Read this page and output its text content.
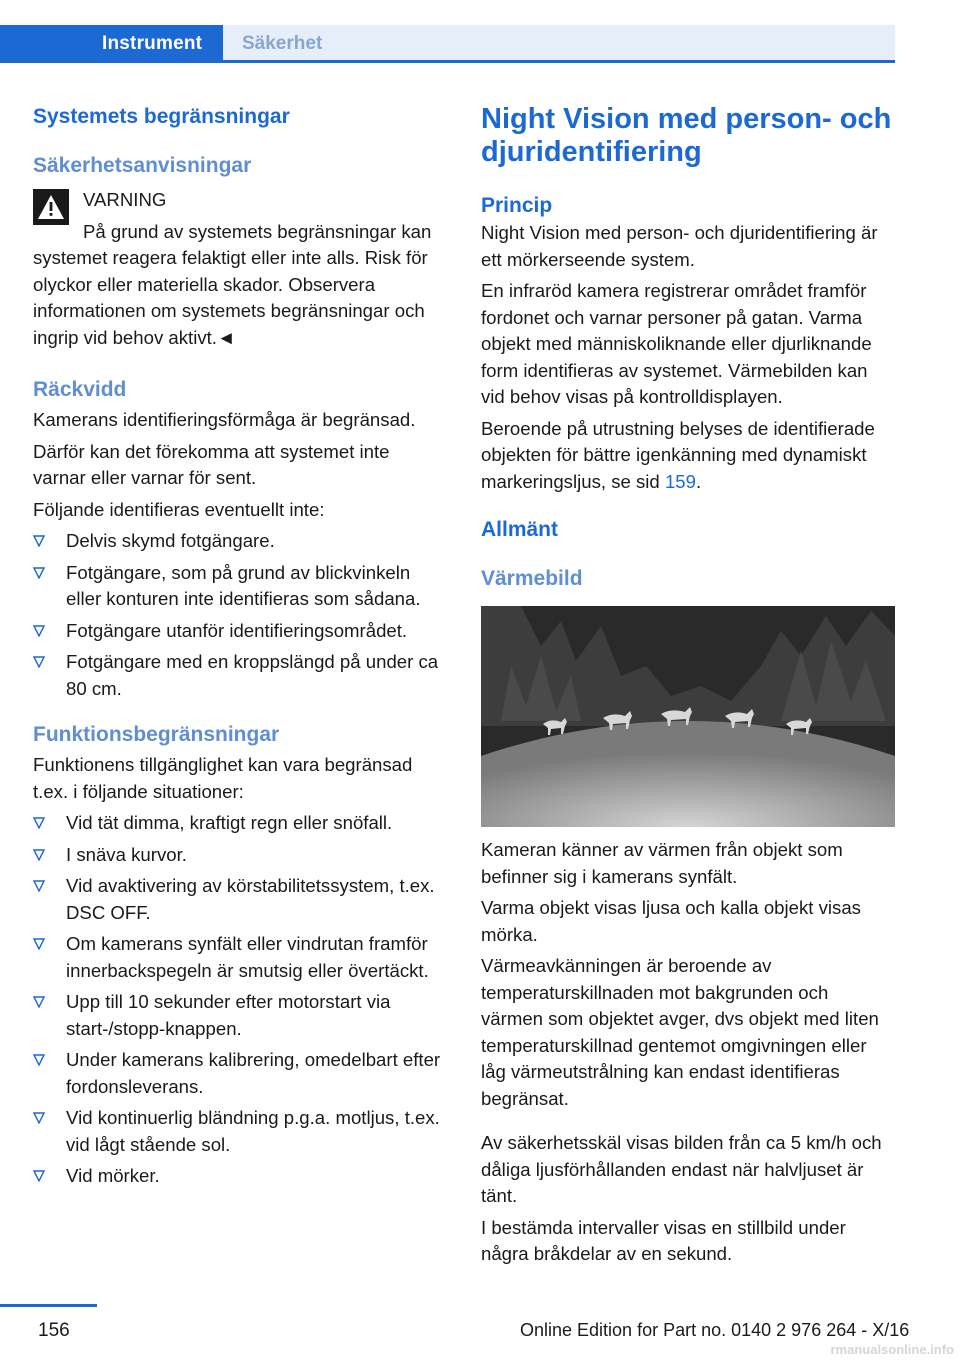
Instrument	Säkerhet
Systemets begränsningar
Säkerhetsanvisningar
VARNING

På grund av systemets begränsningar kan systemet reagera felaktigt eller inte alls. Risk för olyckor eller materiella skador. Observera informationen om systemets begränsningar och ingrip vid behov aktivt.◄

Räckvidd

Kamerans identifieringsförmåga är begränsad.

Därför kan det förekomma att systemet inte varnar eller varnar för sent.

Följande identifieras eventuellt inte:

Delvis skymd fotgängare.
Fotgängare, som på grund av blickvinkeln eller konturen inte identifieras som sådana.
Fotgängare utanför identifieringsområdet.
Fotgängare med en kroppslängd på under ca 80 cm.
Funktionsbegränsningar

Funktionens tillgänglighet kan vara begränsad t.ex. i följande situationer:

Vid tät dimma, kraftigt regn eller snöfall.
I snäva kurvor.
Vid avaktivering av körstabilitetssystem, t.ex. DSC OFF.
Om kamerans synfält eller vindrutan framför innerbackspegeln är smutsig eller övertäckt.
Upp till 10 sekunder efter motorstart via start-/stopp-knappen.
Under kamerans kalibrering, omedelbart efter fordonsleverans.
Vid kontinuerlig bländning p.g.a. motljus, t.ex. vid lågt stående sol.
Vid mörker.
Night Vision med person- och djuridentifiering
Princip

Night Vision med person- och djuridentifiering är ett mörkerseende system.

En infraröd kamera registrerar området framför fordonet och varnar personer på gatan. Varma objekt med människoliknande eller djurliknande form identifieras av systemet. Värmebilden kan vid behov visas på kontrolldisplayen.

Beroende på utrustning belyses de identifierade objekten för bättre igenkänning med dynamiskt markeringsljus, se sid 159.

Allmänt
Värmebild

Kameran känner av värmen från objekt som befinner sig i kamerans synfält.

Varma objekt visas ljusa och kalla objekt visas mörka.

Värmeavkänningen är beroende av temperaturskillnaden mot bakgrunden och värmen som objektet avger, dvs objekt med liten temperaturskillnad gentemot omgivningen eller låg värmeutstrålning kan endast identifieras begränsat.

Av säkerhetsskäl visas bilden från ca 5 km/h och dåliga ljusförhållanden endast när halvljuset är tänt.

I bestämda intervaller visas en stillbild under några bråkdelar av en sekund.

156	Online Edition for Part no. 0140 2 976 264 - X/16
rmanualsonline.info
